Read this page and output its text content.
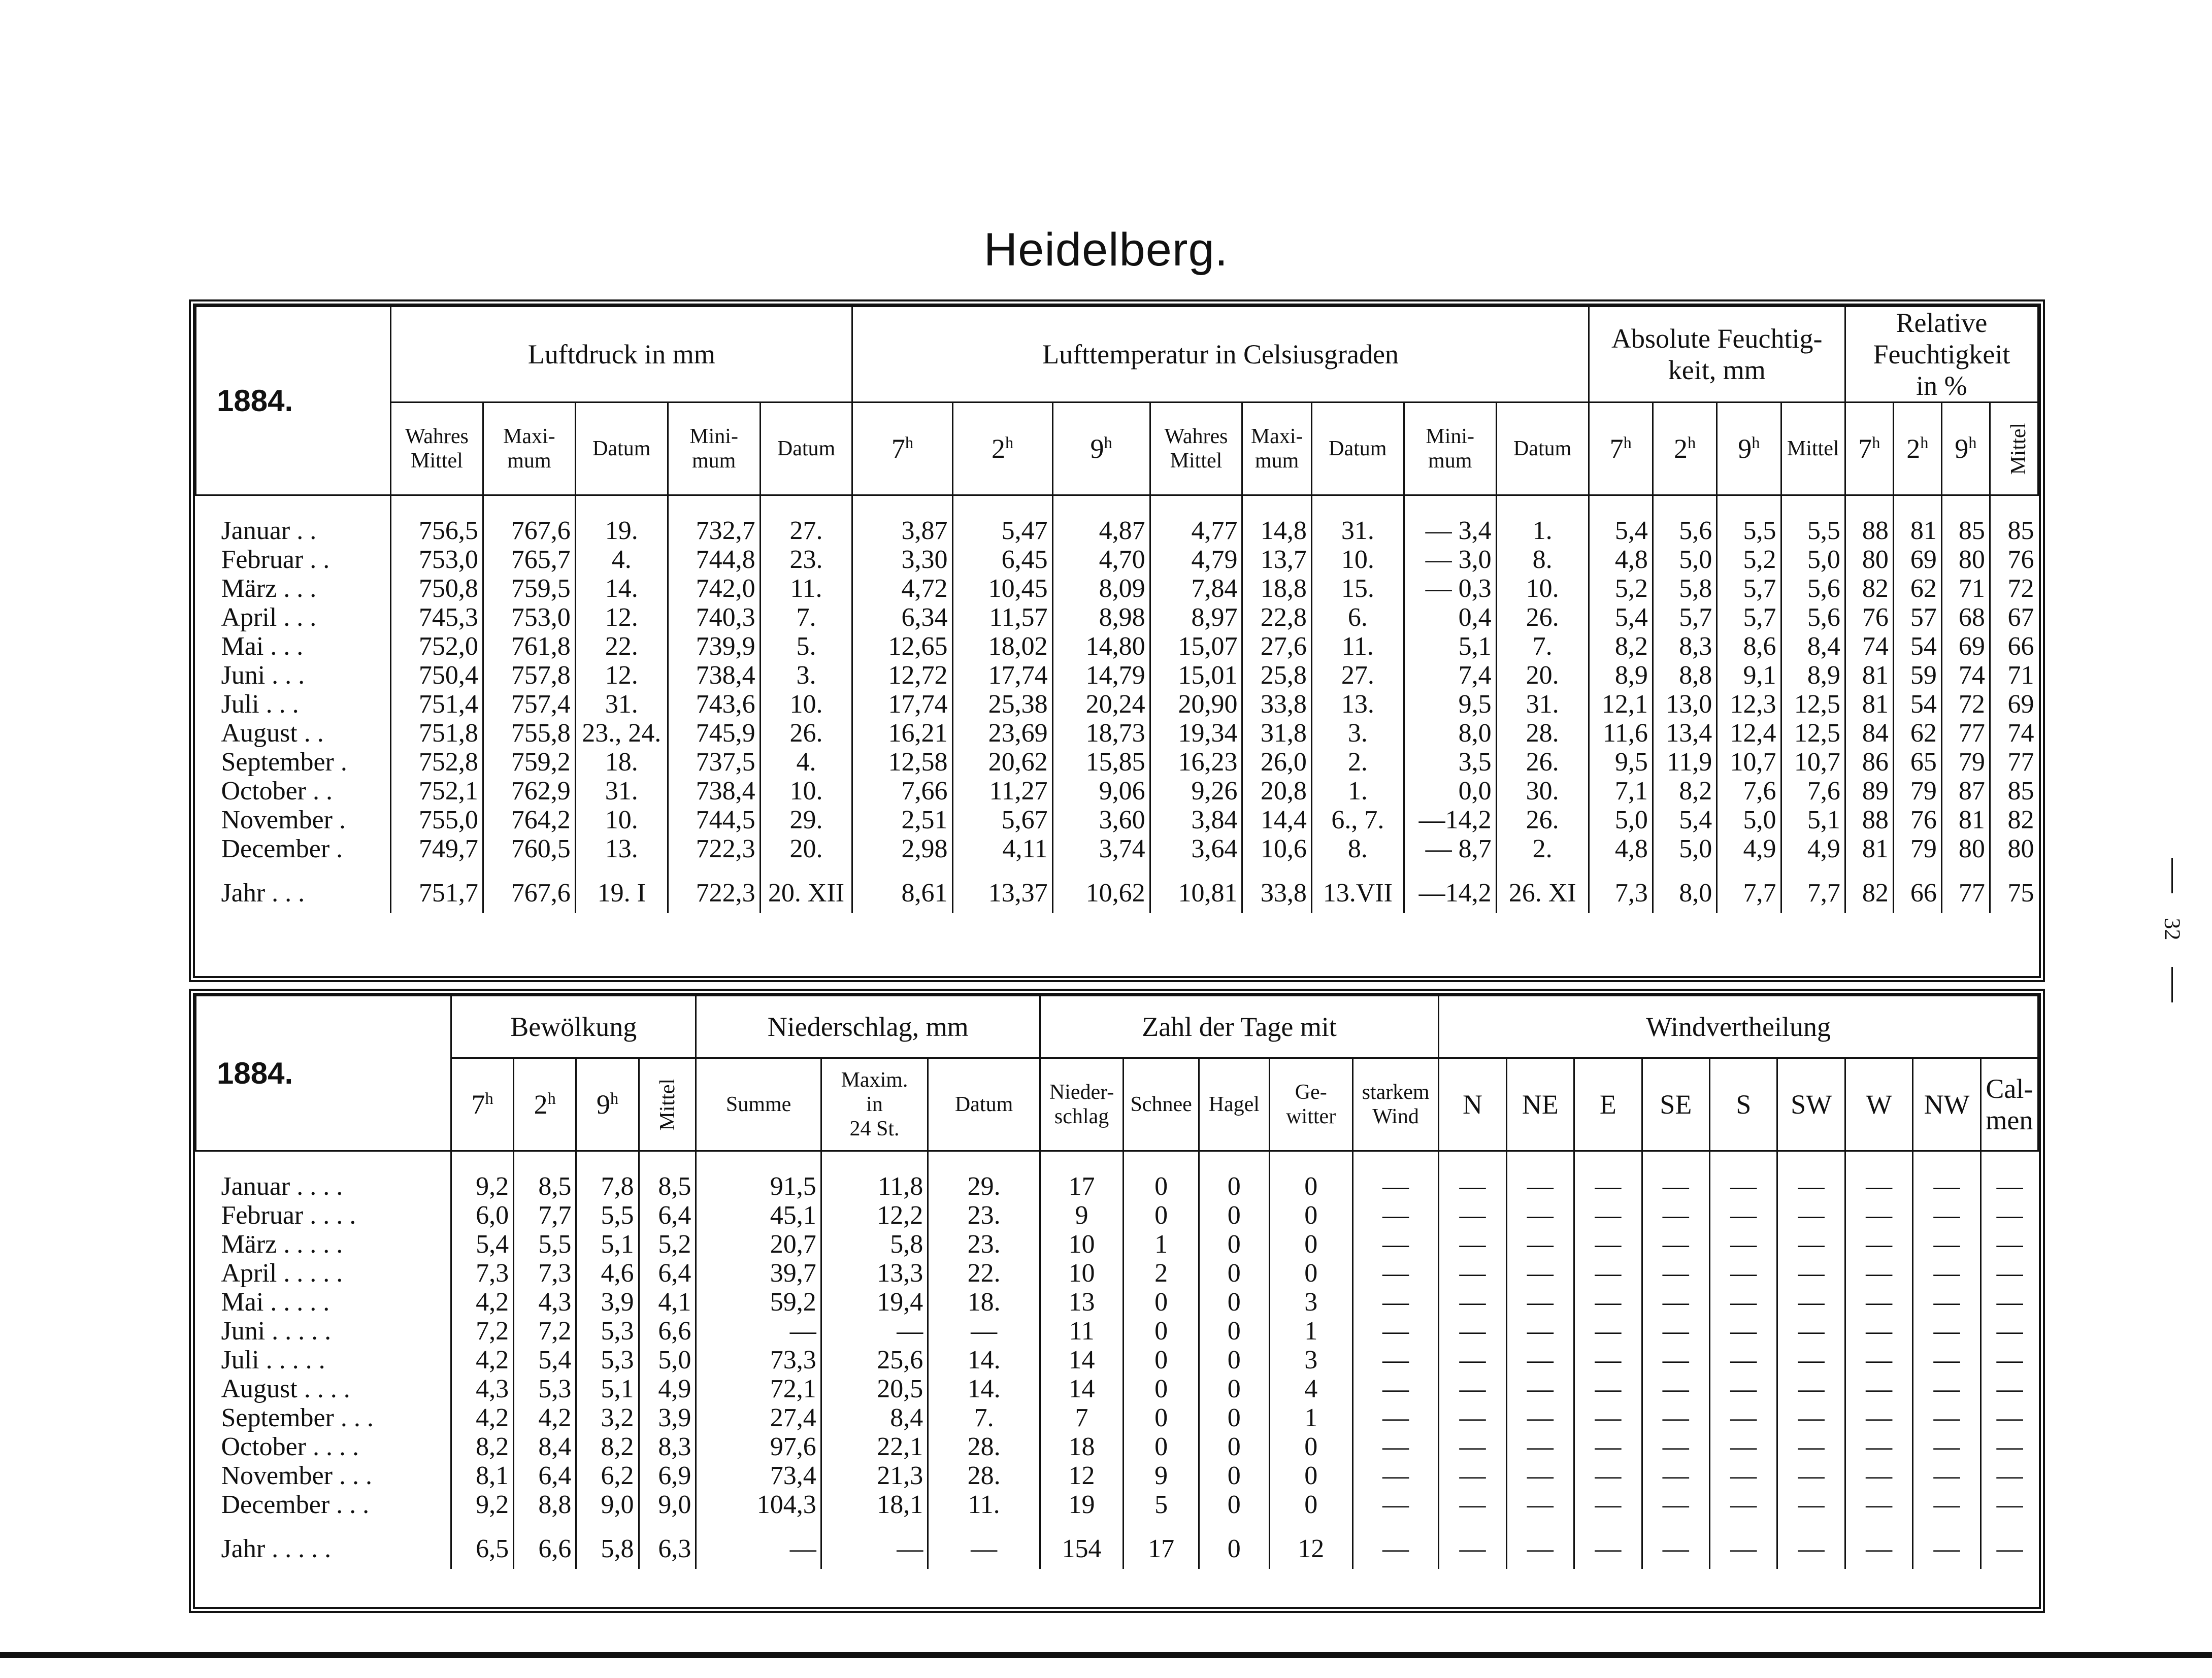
Heidelberg.
1884.	Luftdruck in mm					Lufttemperatur in Celsiusgraden								Absolute Feuchtig-
keit, mm				Relative
Feuchtigkeit
in %			
	Wahres
Mittel	Maxi-
mum	Datum	Mini-
mum	Datum	7$^h$	2$^h$	9$^h$	Wahres
Mittel	Maxi-
mum	Datum	Mini-
mum	Datum	7$^h$	2$^h$	9$^h$	Mittel	7$^h$	2$^h$	9$^h$	Mittel

Januar . .	756,5	767,6	19.	732,7	27.	3,87	5,47	4,87	4,77	14,8	31.	— 3,4	1.	5,4	5,6	5,5	5,5	88	81	85	85
Februar . .	753,0	765,7	4.	744,8	23.	3,30	6,45	4,70	4,79	13,7	10.	— 3,0	8.	4,8	5,0	5,2	5,0	80	69	80	76
März . . .	750,8	759,5	14.	742,0	11.	4,72	10,45	8,09	7,84	18,8	15.	— 0,3	10.	5,2	5,8	5,7	5,6	82	62	71	72
April . . .	745,3	753,0	12.	740,3	7.	6,34	11,57	8,98	8,97	22,8	6.	0,4	26.	5,4	5,7	5,7	5,6	76	57	68	67
Mai . . .	752,0	761,8	22.	739,9	5.	12,65	18,02	14,80	15,07	27,6	11.	5,1	7.	8,2	8,3	8,6	8,4	74	54	69	66
Juni . . .	750,4	757,8	12.	738,4	3.	12,72	17,74	14,79	15,01	25,8	27.	7,4	20.	8,9	8,8	9,1	8,9	81	59	74	71
Juli . . .	751,4	757,4	31.	743,6	10.	17,74	25,38	20,24	20,90	33,8	13.	9,5	31.	12,1	13,0	12,3	12,5	81	54	72	69
August . .	751,8	755,8	23., 24.	745,9	26.	16,21	23,69	18,73	19,34	31,8	3.	8,0	28.	11,6	13,4	12,4	12,5	84	62	77	74
September .	752,8	759,2	18.	737,5	4.	12,58	20,62	15,85	16,23	26,0	2.	3,5	26.	9,5	11,9	10,7	10,7	86	65	79	77
October . .	752,1	762,9	31.	738,4	10.	7,66	11,27	9,06	9,26	20,8	1.	0,0	30.	7,1	8,2	7,6	7,6	89	79	87	85
November .	755,0	764,2	10.	744,5	29.	2,51	5,67	3,60	3,84	14,4	6., 7.	—14,2	26.	5,0	5,4	5,0	5,1	88	76	81	82
December .	749,7	760,5	13.	722,3	20.	2,98	4,11	3,74	3,64	10,6	8.	— 8,7	2.	4,8	5,0	4,9	4,9	81	79	80	80

Jahr . . .	751,7	767,6	19. I	722,3	20. XII	8,61	13,37	10,62	10,81	33,8	13.VII	—14,2	26. XI	7,3	8,0	7,7	7,7	82	66	77	75
1884.	Bewölkung				Niederschlag, mm			Zahl der Tage mit					Windvertheilung								
	7$^h$	2$^h$	9$^h$	Mittel	Summe	Maxim.
in
24 St.	Datum	Nieder-
schlag	Schnee	Hagel	Ge-
witter	starkem
Wind	N	NE	E	SE	S	SW	W	NW	Cal-
men

Januar . . . .	9,2	8,5	7,8	8,5	91,5	11,8	29.	17	0	0	0	—	—	—	—	—	—	—	—	—	—
Februar . . . .	6,0	7,7	5,5	6,4	45,1	12,2	23.	9	0	0	0	—	—	—	—	—	—	—	—	—	—
März . . . . .	5,4	5,5	5,1	5,2	20,7	5,8	23.	10	1	0	0	—	—	—	—	—	—	—	—	—	—
April . . . . .	7,3	7,3	4,6	6,4	39,7	13,3	22.	10	2	0	0	—	—	—	—	—	—	—	—	—	—
Mai . . . . .	4,2	4,3	3,9	4,1	59,2	19,4	18.	13	0	0	3	—	—	—	—	—	—	—	—	—	—
Juni . . . . .	7,2	7,2	5,3	6,6	—	—	—	11	0	0	1	—	—	—	—	—	—	—	—	—	—
Juli . . . . .	4,2	5,4	5,3	5,0	73,3	25,6	14.	14	0	0	3	—	—	—	—	—	—	—	—	—	—
August . . . .	4,3	5,3	5,1	4,9	72,1	20,5	14.	14	0	0	4	—	—	—	—	—	—	—	—	—	—
September . . .	4,2	4,2	3,2	3,9	27,4	8,4	7.	7	0	0	1	—	—	—	—	—	—	—	—	—	—
October . . . .	8,2	8,4	8,2	8,3	97,6	22,1	28.	18	0	0	0	—	—	—	—	—	—	—	—	—	—
November . . .	8,1	6,4	6,2	6,9	73,4	21,3	28.	12	9	0	0	—	—	—	—	—	—	—	—	—	—
December . . .	9,2	8,8	9,0	9,0	104,3	18,1	11.	19	5	0	0	—	—	—	—	—	—	—	—	—	—

Jahr . . . . .	6,5	6,6	5,8	6,3	—	—	—	154	17	0	12	—	—	—	—	—	—	—	—	—	—
32
